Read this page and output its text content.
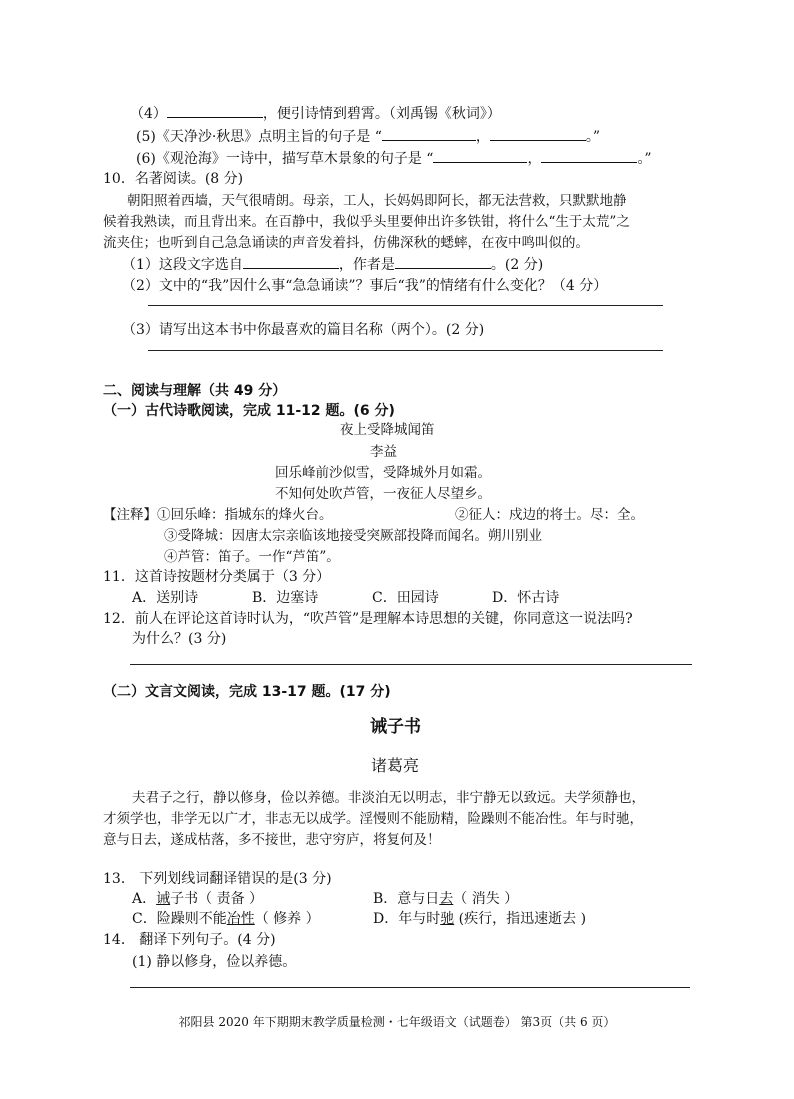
（4）	，便引诗情到碧霄。（刘禹锡《秋词》）
(5)《天净沙·秋思》点明主旨的句子是 “	，	。”
(6)《观沧海》一诗中，描写草木景象的句子是 “	，	。”
10．名著阅读。(8 分)
朝阳照着西墙，天气很晴朗。母亲，工人，长妈妈即阿长，都无法营救，只默默地静
候着我熟读，而且背出来。在百静中，我似乎头里要伸出许多铁钳，将什么“生于太荒”之
流夹住；也听到自己急急诵读的声音发着抖，仿佛深秋的蟋蟀，在夜中鸣叫似的。
（1）这段文字选自	，作者是	。(2 分)
（2）文中的“我”因什么事“急急诵读”？事后“我”的情绪有什么变化？（4 分）
（3）请写出这本书中你最喜欢的篇目名称（两个）。(2 分)
二、阅读与理解（共 49 分）
（一）古代诗歌阅读，完成 11-12 题。(6 分)
夜上受降城闻笛
李益
回乐峰前沙似雪，受降城外月如霜。
不知何处吹芦管，一夜征人尽望乡。
【注释】①回乐峰：指城东的烽火台。	②征人：戍边的将士。尽：全。
③受降城：因唐太宗亲临该地接受突厥部投降而闻名。朔川别业
④芦管：笛子。一作“芦笛”。
11．这首诗按题材分类属于（3 分）
A．送别诗	B．边塞诗	C．田园诗	D．怀古诗
12．前人在评论这首诗时认为，“吹芦管”是理解本诗思想的关键，你同意这一说法吗?
为什么？(3 分)
（二）文言文阅读，完成 13-17 题。(17 分)
诫子书
诸葛亮
夫君子之行，静以修身，俭以养德。非淡泊无以明志，非宁静无以致远。夫学须静也，
才须学也，非学无以广才，非志无以成学。淫慢则不能励精，险躁则不能冶性。年与时驰，
意与日去，遂成枯落，多不接世，悲守穷庐，将复何及！
13． 下列划线词翻译错误的是(3 分)
A．诫子书（ 责备 ）	B．意与日去（ 消失 ）
C．险躁则不能冶性（ 修养 ）	D．年与时驰 (疾行，指迅速逝去 )
14． 翻译下列句子。(4 分)
(1) 静以修身，俭以养德。
祁阳县 2020 年下期期末教学质量检测・七年级语文（试题卷） 第3页（共 6 页）
